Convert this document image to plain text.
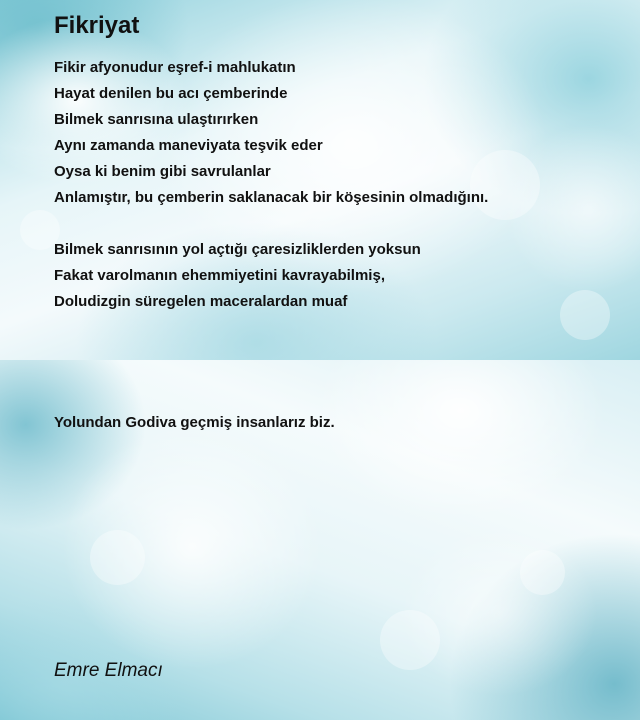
Fikriyat
Fikir afyonudur eşref-i mahlukatın
Hayat denilen bu acı çemberinde
Bilmek sanrısına ulaştırırken
Aynı zamanda maneviyata teşvik eder
Oysa ki benim gibi savrulanlar
Anlamıştır, bu çemberin saklanacak bir köşesinin olmadığını.
Bilmek sanrısının yol açtığı çaresizliklerden yoksun
Fakat varolmanın ehemmiyetini kavrayabilmiş,
Doludizgin süregelen maceralardan muaf
Yolundan Godiva geçmiş insanlarız biz.
Emre Elmacı
